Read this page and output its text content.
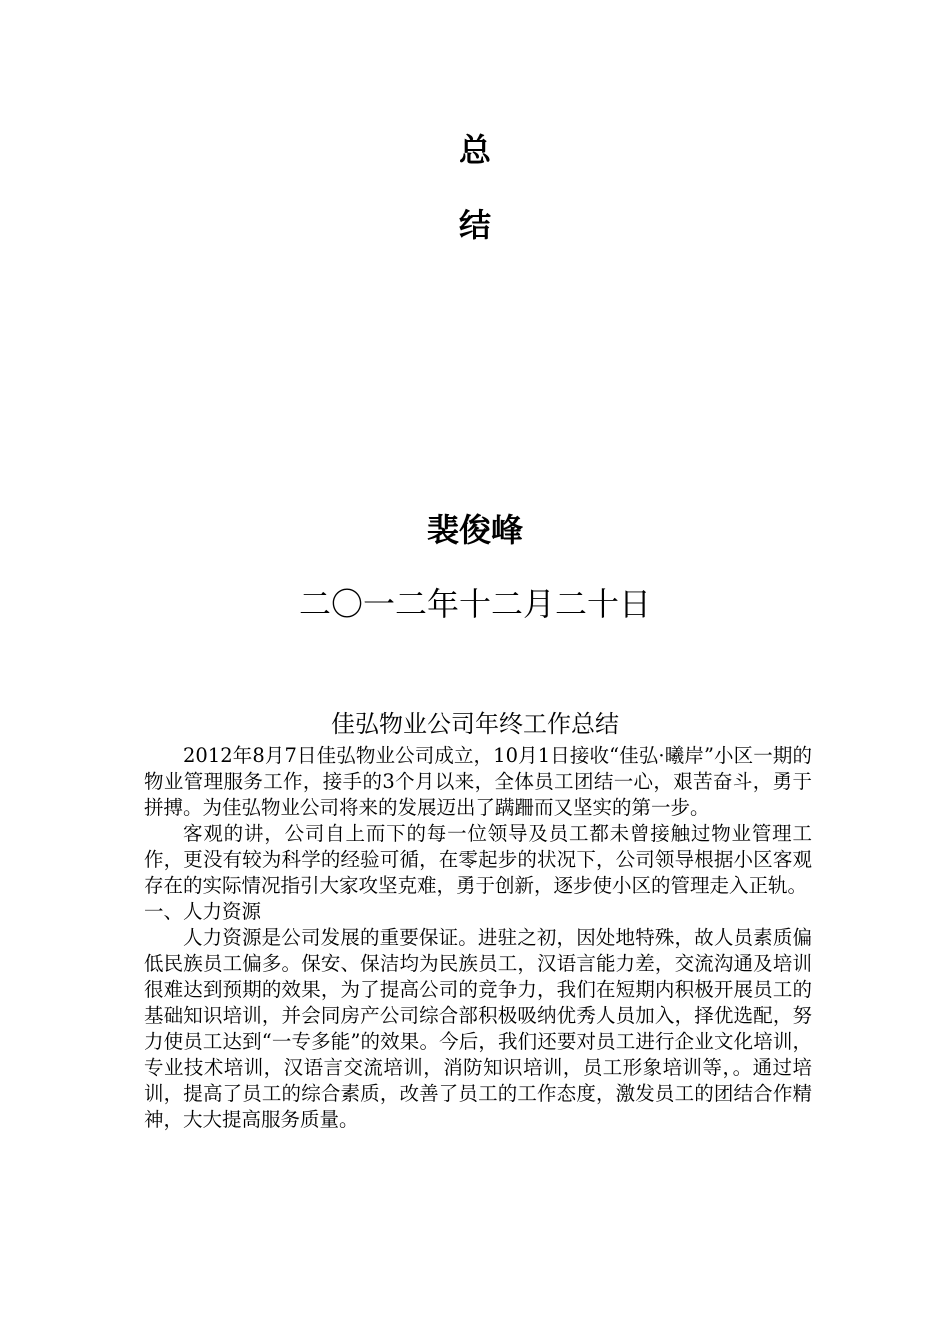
总
结
裴俊峰
二〇一二年十二月二十日
佳弘物业公司年终工作总结

2012年8月7日佳弘物业公司成立，10月1日接收“佳弘·曦岸”小区一期的物业管理服务工作，接手的3个月以来，全体员工团结一心，艰苦奋斗，勇于拼搏。为佳弘物业公司将来的发展迈出了蹒跚而又坚实的第一步。

客观的讲，公司自上而下的每一位领导及员工都未曾接触过物业管理工作，更没有较为科学的经验可循，在零起步的状况下，公司领导根据小区客观存在的实际情况指引大家攻坚克难，勇于创新，逐步使小区的管理走入正轨。

一、人力资源

人力资源是公司发展的重要保证。进驻之初，因处地特殊，故人员素质偏低民族员工偏多。保安、保洁均为民族员工，汉语言能力差，交流沟通及培训很难达到预期的效果，为了提高公司的竞争力，我们在短期内积极开展员工的基础知识培训，并会同房产公司综合部积极吸纳优秀人员加入，择优选配，努力使员工达到“一专多能”的效果。今后，我们还要对员工进行企业文化培训，专业技术培训，汉语言交流培训，消防知识培训，员工形象培训等，。通过培训，提高了员工的综合素质，改善了员工的工作态度，激发员工的团结合作精神，大大提高服务质量。
